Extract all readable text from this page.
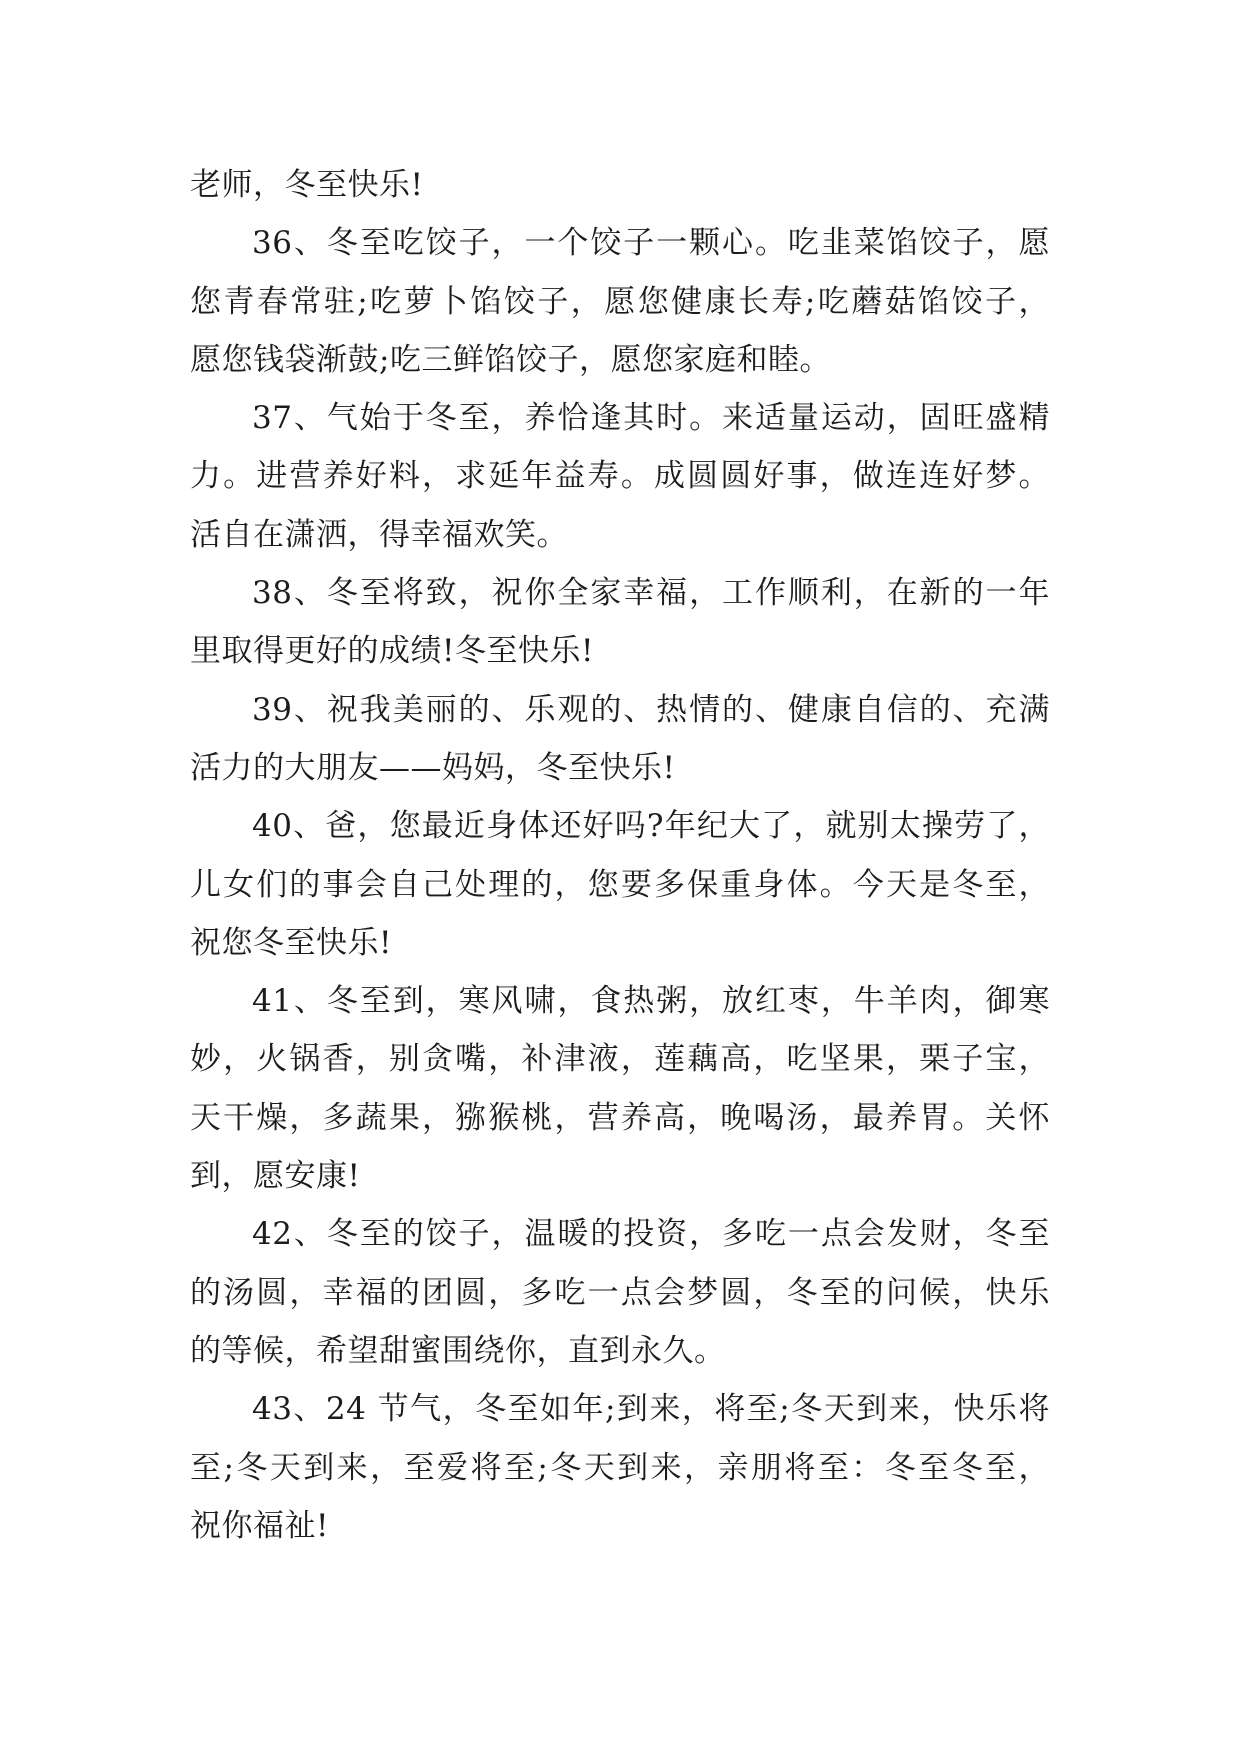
老师，冬至快乐!
36、冬至吃饺子，一个饺子一颗心。吃韭菜馅饺子，愿
您青春常驻;吃萝卜馅饺子，愿您健康长寿;吃蘑菇馅饺子，
愿您钱袋渐鼓;吃三鲜馅饺子，愿您家庭和睦。
37、气始于冬至，养恰逢其时。来适量运动，固旺盛精
力。进营养好料，求延年益寿。成圆圆好事，做连连好梦。
活自在潇洒，得幸福欢笑。
38、冬至将致，祝你全家幸福，工作顺利，在新的一年
里取得更好的成绩!冬至快乐!
39、祝我美丽的、乐观的、热情的、健康自信的、充满
活力的大朋友——妈妈，冬至快乐!
40、爸，您最近身体还好吗?年纪大了，就别太操劳了，
儿女们的事会自己处理的，您要多保重身体。今天是冬至，
祝您冬至快乐!
41、冬至到，寒风啸，食热粥，放红枣，牛羊肉，御寒
妙，火锅香，别贪嘴，补津液，莲藕高，吃坚果，栗子宝，
天干燥，多蔬果，猕猴桃，营养高，晚喝汤，最养胃。关怀
到，愿安康!
42、冬至的饺子，温暖的投资，多吃一点会发财，冬至
的汤圆，幸福的团圆，多吃一点会梦圆，冬至的问候，快乐
的等候，希望甜蜜围绕你，直到永久。
43、24 节气，冬至如年;到来，将至;冬天到来，快乐将
至;冬天到来，至爱将至;冬天到来，亲朋将至：冬至冬至，
祝你福祉!
